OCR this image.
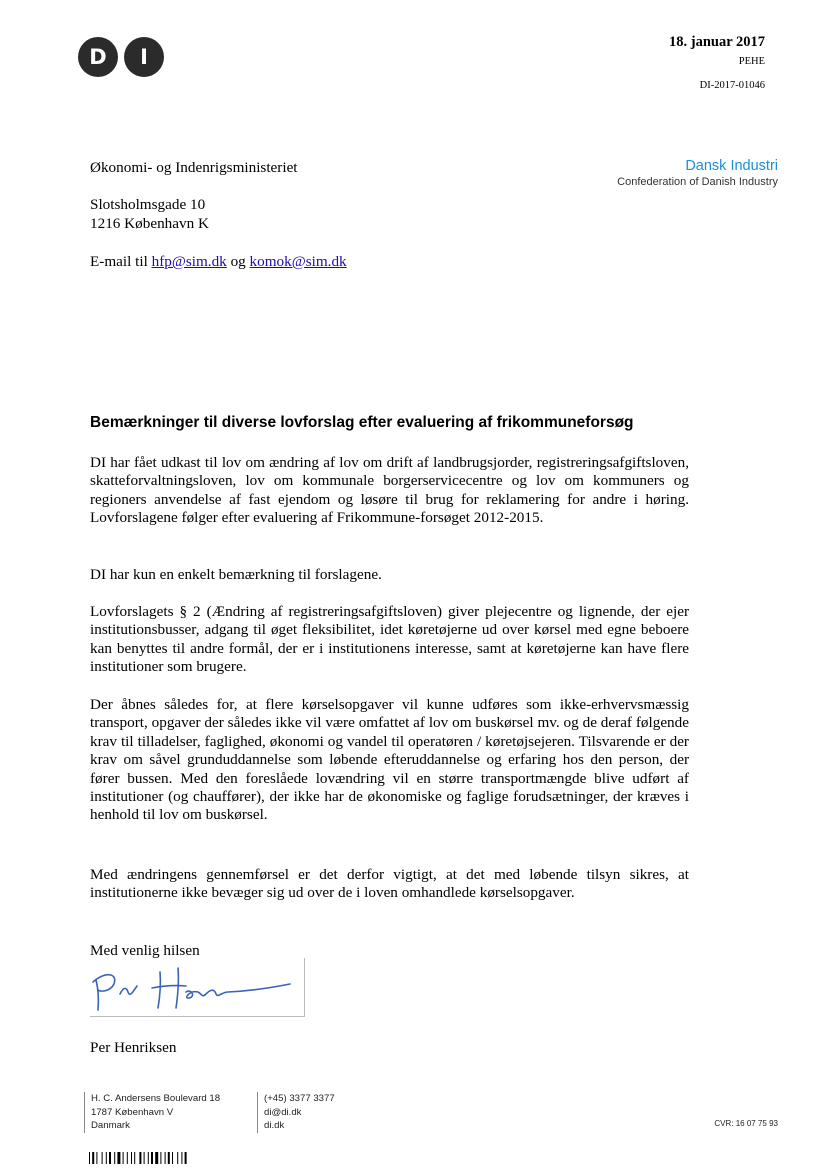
D	I
18. januar 2017
PEHE
DI-2017-01046
Dansk Industri
Confederation of Danish Industry
Økonomi- og Indenrigsministeriet
Slotsholmsgade 10
1216 København K
E-mail til hfp@sim.dk og komok@sim.dk
Bemærkninger til diverse lovforslag efter evaluering af frikommuneforsøg

DI har fået udkast til lov om ændring af lov om drift af landbrugsjorder, registreringsafgiftsloven, skatteforvaltningsloven, lov om kommunale borgerservicecentre og lov om kommuners og regioners anvendelse af fast ejendom og løsøre til brug for reklamering for andre i høring. Lovforslagene følger efter evaluering af Frikommune-forsøget 2012-2015.

DI har kun en enkelt bemærkning til forslagene.

Lovforslagets § 2 (Ændring af registreringsafgiftsloven) giver plejecentre og lignende, der ejer institutionsbusser, adgang til øget fleksibilitet, idet køretøjerne ud over kørsel med egne beboere kan benyttes til andre formål, der er i institutionens interesse, samt at køretøjerne kan have flere institutioner som brugere.

Der åbnes således for, at flere kørselsopgaver vil kunne udføres som ikke-erhvervsmæssig transport, opgaver der således ikke vil være omfattet af lov om buskørsel mv. og de deraf følgende krav til tilladelser, faglighed, økonomi og vandel til operatøren / køretøjsejeren. Tilsvarende er der krav om såvel grunduddannelse som løbende efteruddannelse og erfaring hos den person, der fører bussen. Med den foreslåede lovændring vil en større transportmængde blive udført af institutioner (og chauffører), der ikke har de økonomiske og faglige forudsætninger, der kræves i henhold til lov om buskørsel.

Med ændringens gennemførsel er det derfor vigtigt, at det med løbende tilsyn sikres, at institutionerne ikke bevæger sig ud over de i loven omhandlede kørselsopgaver.

Med venlig hilsen
Per Henriksen
H. C. Andersens Boulevard 18
1787 København V
Danmark
(+45) 3377 3377
di@di.dk
di.dk	CVR: 16 07 75 93
